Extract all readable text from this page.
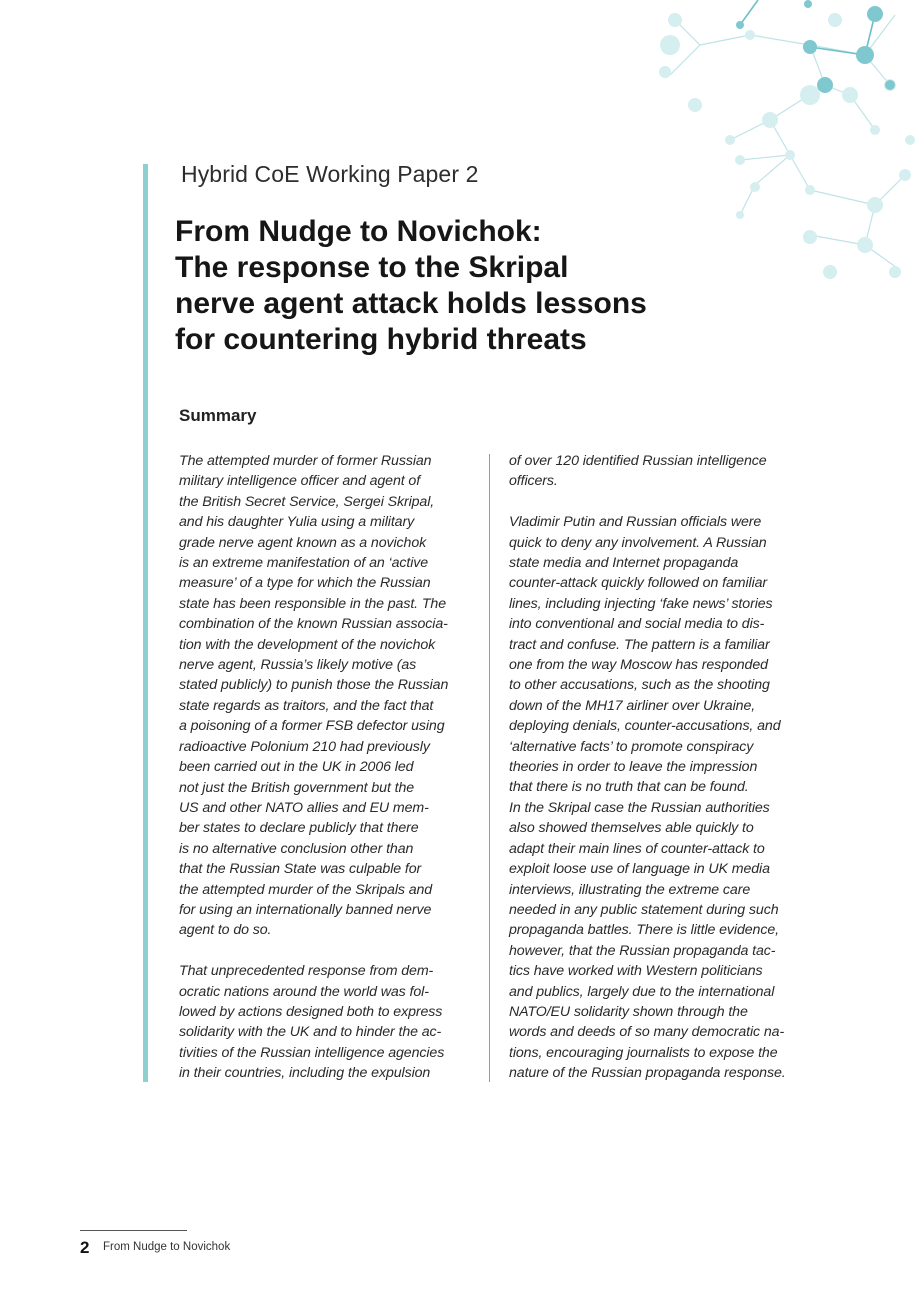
Hybrid CoE Working Paper 2
From Nudge to Novichok:
The response to the Skripal
nerve agent attack holds lessons
for countering hybrid threats
Summary

The attempted murder of former Russian
military intelligence officer and agent of
the British Secret Service, Sergei Skripal,
and his daughter Yulia using a military
grade nerve agent known as a novichok
is an extreme manifestation of an ‘active
measure’ of a type for which the Russian
state has been responsible in the past. The
combination of the known Russian associa-
tion with the development of the novichok
nerve agent, Russia’s likely motive (as
stated publicly) to punish those the Russian
state regards as traitors, and the fact that
a poisoning of a former FSB defector using
radioactive Polonium 210 had previously
been carried out in the UK in 2006 led
not just the British government but the
US and other NATO allies and EU mem-
ber states to declare publicly that there
is no alternative conclusion other than
that the Russian State was culpable for
the attempted murder of the Skripals and
for using an internationally banned nerve
agent to do so.

That unprecedented response from dem-
ocratic nations around the world was fol-
lowed by actions designed both to express
solidarity with the UK and to hinder the ac-
tivities of the Russian intelligence agencies
in their countries, including the expulsion

of over 120 identified Russian intelligence
officers.

Vladimir Putin and Russian officials were
quick to deny any involvement. A Russian
state media and Internet propaganda
counter-attack quickly followed on familiar
lines, including injecting ‘fake news’ stories
into conventional and social media to dis-
tract and confuse. The pattern is a familiar
one from the way Moscow has responded
to other accusations, such as the shooting
down of the MH17 airliner over Ukraine,
deploying denials, counter-accusations, and
‘alternative facts’ to promote conspiracy
theories in order to leave the impression
that there is no truth that can be found.
In the Skripal case the Russian authorities
also showed themselves able quickly to
adapt their main lines of counter-attack to
exploit loose use of language in UK media
interviews, illustrating the extreme care
needed in any public statement during such
propaganda battles. There is little evidence,
however, that the Russian propaganda tac-
tics have worked with Western politicians
and publics, largely due to the international
NATO/EU solidarity shown through the
words and deeds of so many democratic na-
tions, encouraging journalists to expose the
nature of the Russian propaganda response.

2 From Nudge to Novichok
